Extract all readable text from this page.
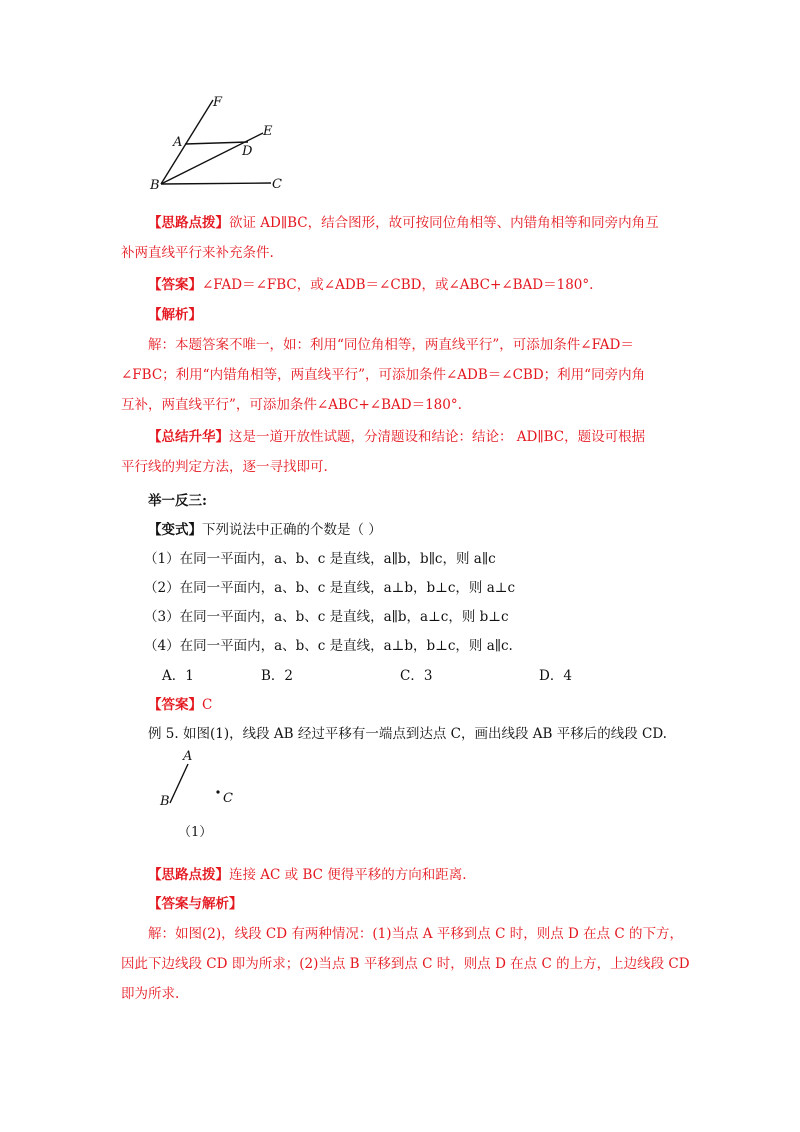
F
E
A
D
B	C
【思路点拨】欲证 AD∥BC，结合图形，故可按同位角相等、内错角相等和同旁内角互
补两直线平行来补充条件.
【答案】∠FAD＝∠FBC，或∠ADB＝∠CBD，或∠ABC+∠BAD＝180°.
【解析】
解：本题答案不唯一，如：利用“同位角相等，两直线平行”，可添加条件∠FAD＝
∠FBC；利用“内错角相等，两直线平行”，可添加条件∠ADB＝∠CBD；利用“同旁内角
互补，两直线平行”，可添加条件∠ABC+∠BAD＝180°.
【总结升华】这是一道开放性试题，分清题设和结论：结论： AD∥BC，题设可根据
平行线的判定方法，逐一寻找即可.
举一反三:
【变式】下列说法中正确的个数是（ ）
（1）在同一平面内，a、b、c 是直线，a∥b，b∥c，则 a∥c
（2）在同一平面内，a、b、c 是直线，a⊥b，b⊥c，则 a⊥c
（3）在同一平面内，a、b、c 是直线，a∥b，a⊥c，则 b⊥c
（4）在同一平面内，a、b、c 是直线，a⊥b，b⊥c，则 a∥c.
A．1	B．2	C．3	D．4
【答案】C
例 5. 如图(1)，线段 AB 经过平移有一端点到达点 C，画出线段 AB 平移后的线段 CD.
A
B	C
（1）
【思路点拨】连接 AC 或 BC 便得平移的方向和距离.
【答案与解析】
解：如图(2)，线段 CD 有两种情况：(1)当点 A 平移到点 C 时，则点 D 在点 C 的下方，
因此下边线段 CD 即为所求；(2)当点 B 平移到点 C 时，则点 D 在点 C 的上方，上边线段 CD
即为所求.
